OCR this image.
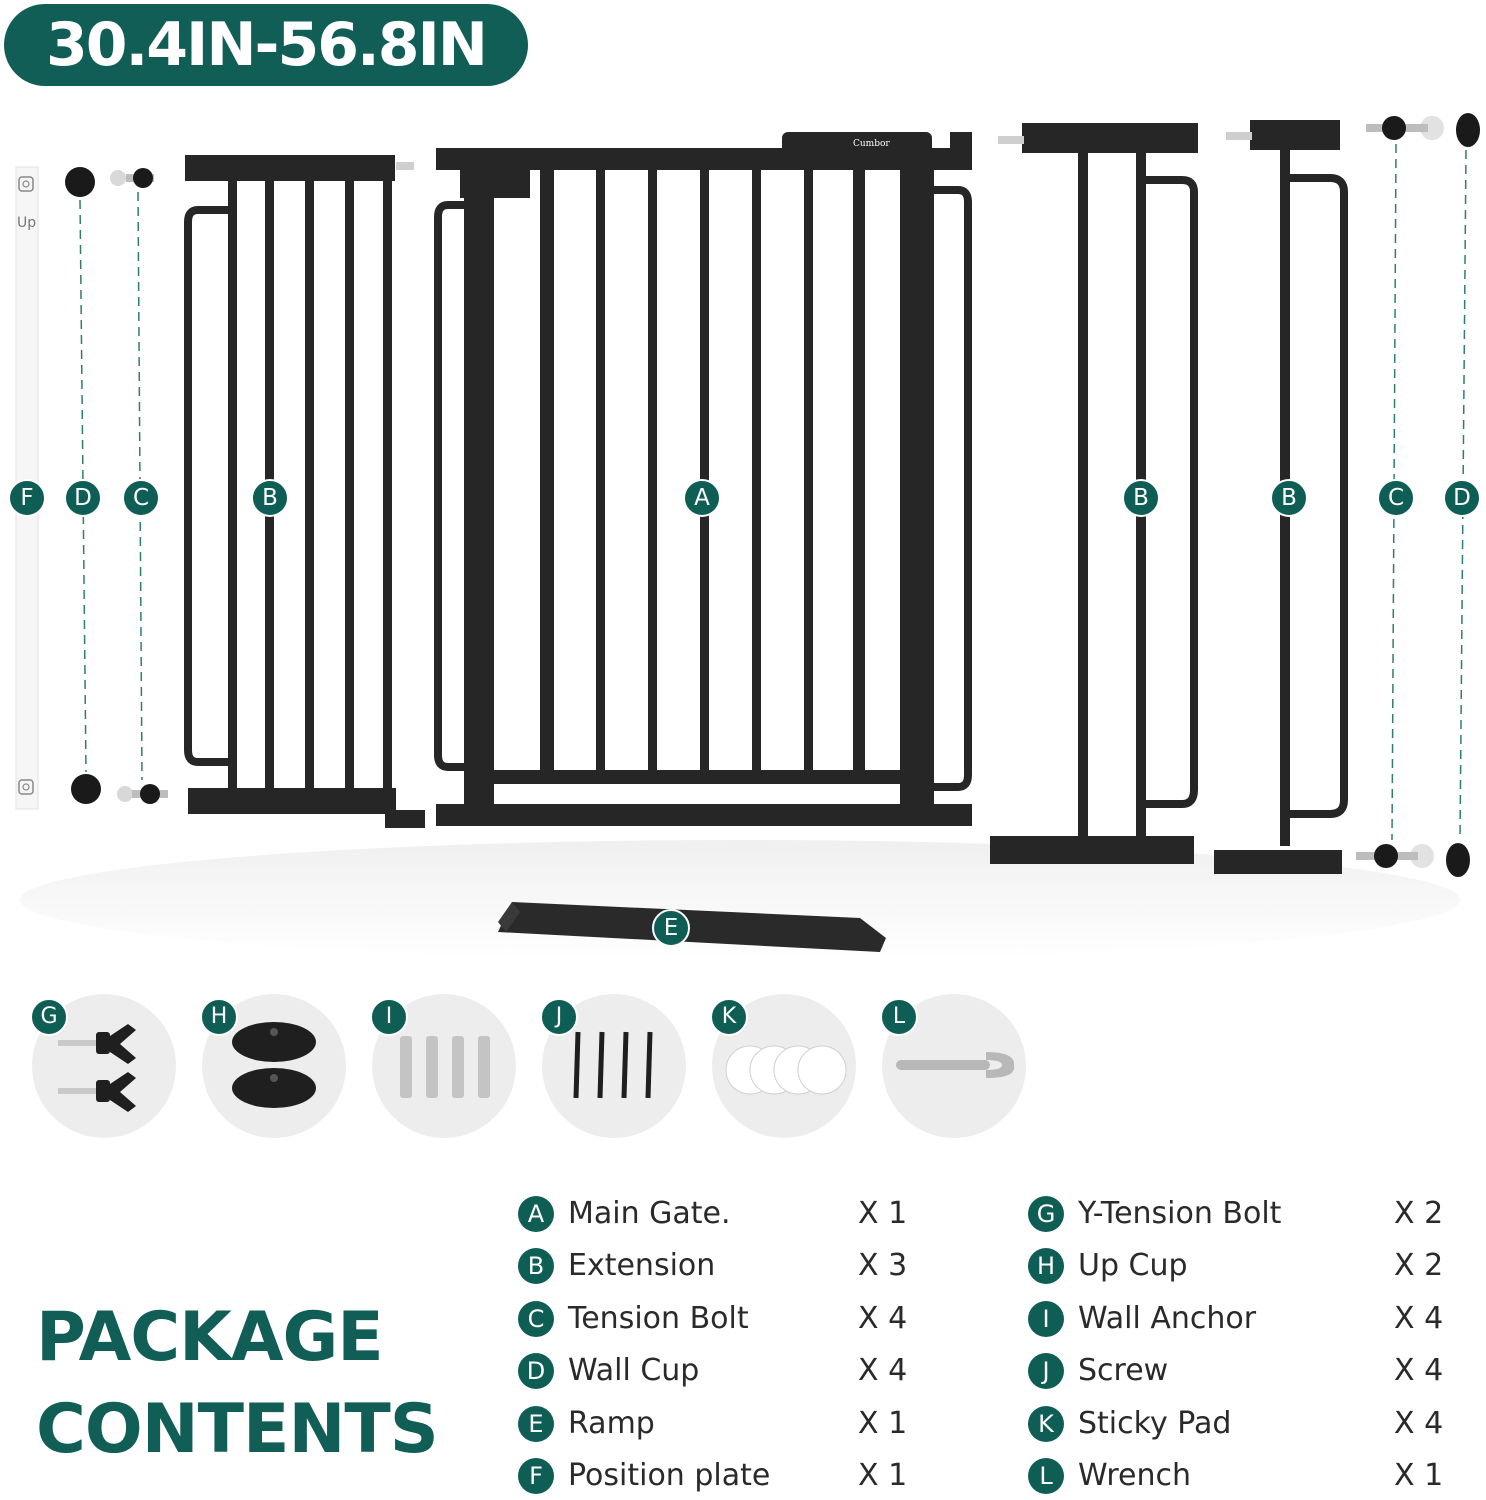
30.4IN-56.8IN
Up
Cumbor
F	D	C	B	A	B	B	C	D
E
G	H	I	J	K	L
PACKAGE
CONTENTS
A Main Gate.	X 1
B Extension	X 3
C Tension Bolt	X 4
D Wall Cup	X 4
E Ramp	X 1
F Position plate	X 1
G Y-Tension Bolt	X 2
H Up Cup	X 2
I Wall Anchor	X 4
J Screw	X 4
K Sticky Pad	X 4
L Wrench	X 1
